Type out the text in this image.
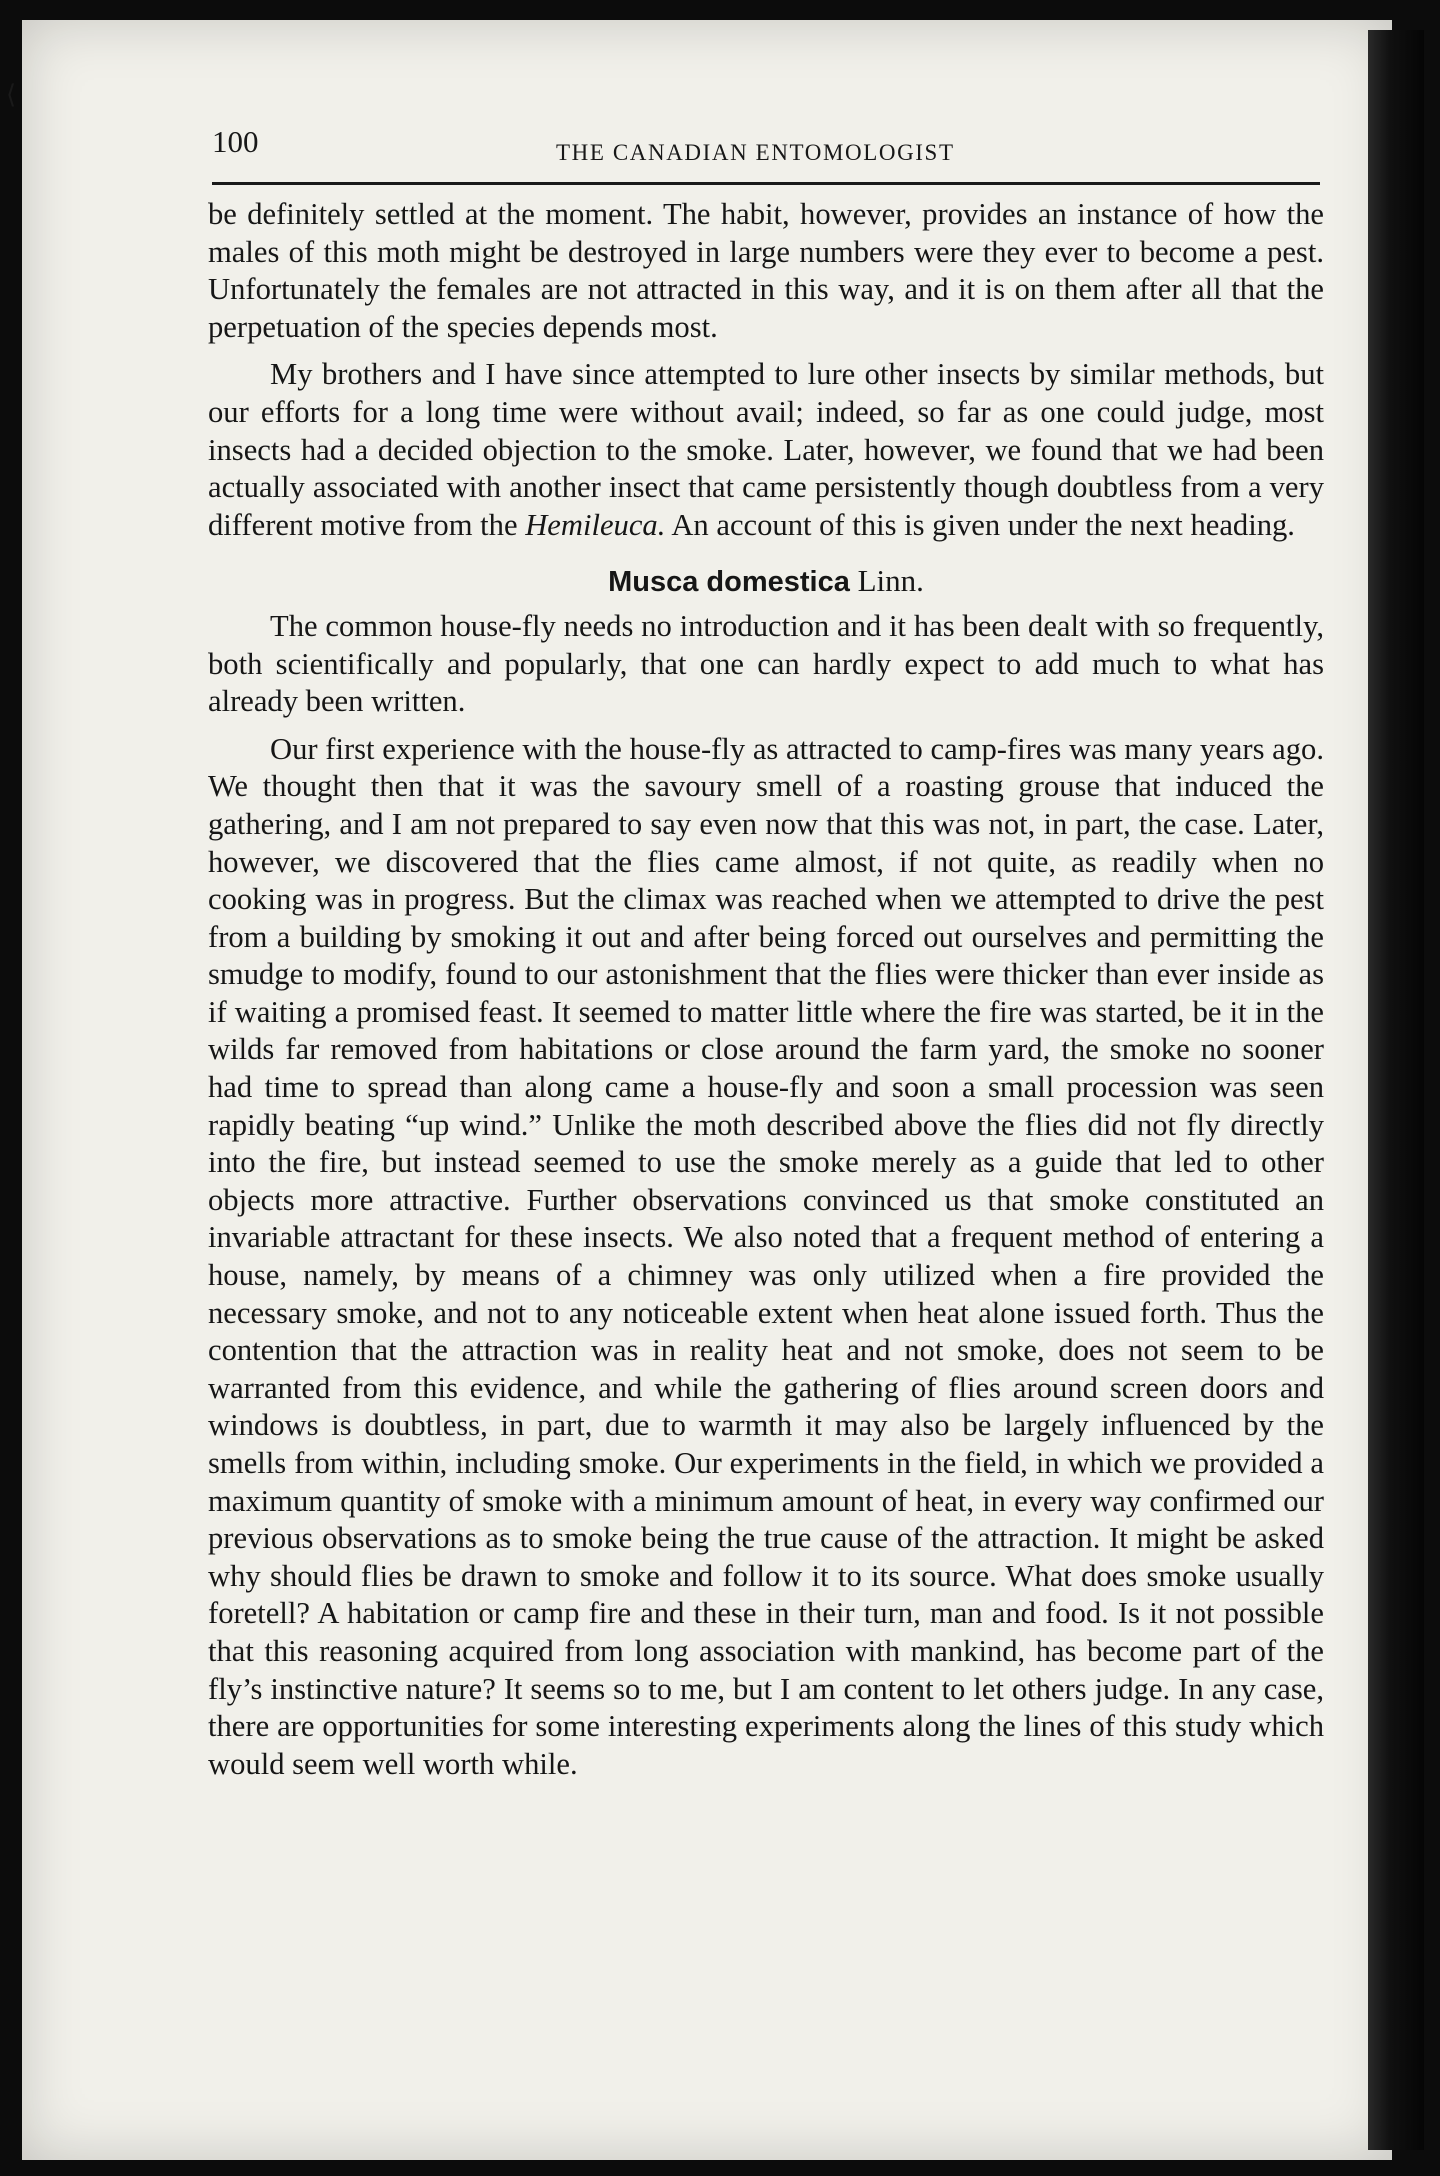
100	THE CANADIAN ENTOMOLOGIST

be definitely settled at the moment. The habit, however, provides an instance of how the males of this moth might be destroyed in large numbers were they ever to become a pest. Unfortunately the females are not attracted in this way, and it is on them after all that the perpetuation of the species depends most.

My brothers and I have since attempted to lure other insects by similar methods, but our efforts for a long time were without avail; indeed, so far as one could judge, most insects had a decided objection to the smoke. Later, however, we found that we had been actually associated with another insect that came persistently though doubtless from a very different motive from the Hemileuca. An account of this is given under the next heading.

Musca domestica Linn.

The common house-fly needs no introduction and it has been dealt with so frequently, both scientifically and popularly, that one can hardly expect to add much to what has already been written.

Our first experience with the house-fly as attracted to camp-fires was many years ago. We thought then that it was the savoury smell of a roasting grouse that induced the gathering, and I am not prepared to say even now that this was not, in part, the case. Later, however, we discovered that the flies came almost, if not quite, as readily when no cooking was in progress. But the climax was reached when we attempted to drive the pest from a building by smoking it out and after being forced out ourselves and permitting the smudge to modify, found to our astonishment that the flies were thicker than ever inside as if waiting a promised feast. It seemed to matter little where the fire was started, be it in the wilds far removed from habitations or close around the farm yard, the smoke no sooner had time to spread than along came a house-fly and soon a small procession was seen rapidly beating “up wind.” Unlike the moth described above the flies did not fly directly into the fire, but instead seemed to use the smoke merely as a guide that led to other objects more attractive. Further observations convinced us that smoke constituted an invariable attractant for these insects. We also noted that a frequent method of entering a house, namely, by means of a chimney was only utilized when a fire provided the necessary smoke, and not to any noticeable extent when heat alone issued forth. Thus the contention that the attraction was in reality heat and not smoke, does not seem to be warranted from this evidence, and while the gathering of flies around screen doors and windows is doubtless, in part, due to warmth it may also be largely influenced by the smells from within, including smoke. Our experiments in the field, in which we provided a maximum quantity of smoke with a minimum amount of heat, in every way confirmed our previous observations as to smoke being the true cause of the attraction. It might be asked why should flies be drawn to smoke and follow it to its source. What does smoke usually foretell? A habitation or camp fire and these in their turn, man and food. Is it not possible that this reasoning acquired from long association with mankind, has become part of the fly’s instinctive nature? It seems so to me, but I am content to let others judge. In any case, there are opportunities for some interesting experiments along the lines of this study which would seem well worth while.

⟨
